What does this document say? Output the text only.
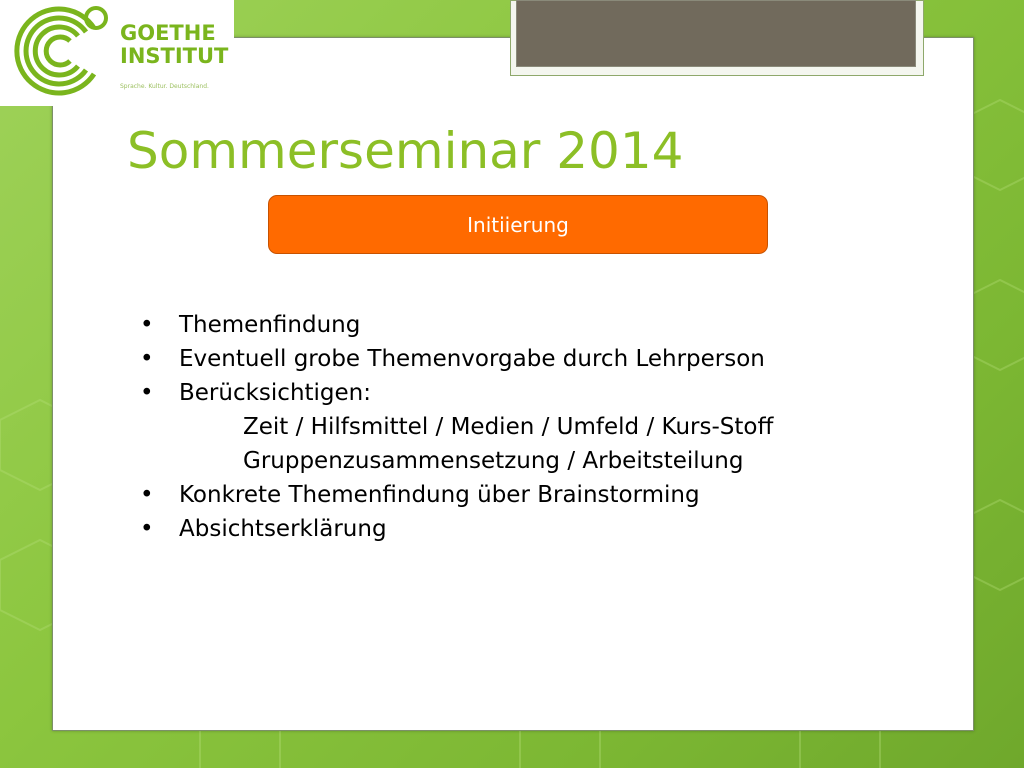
GOETHE
INSTITUT
Sprache. Kultur. Deutschland.
Sommerseminar 2014
Initiierung
• Themenfindung
• Eventuell grobe Themenvorgabe durch Lehrperson
• Berücksichtigen:
Zeit / Hilfsmittel / Medien / Umfeld / Kurs-Stoff
Gruppenzusammensetzung / Arbeitsteilung
• Konkrete Themenfindung über Brainstorming
• Absichtserklärung
